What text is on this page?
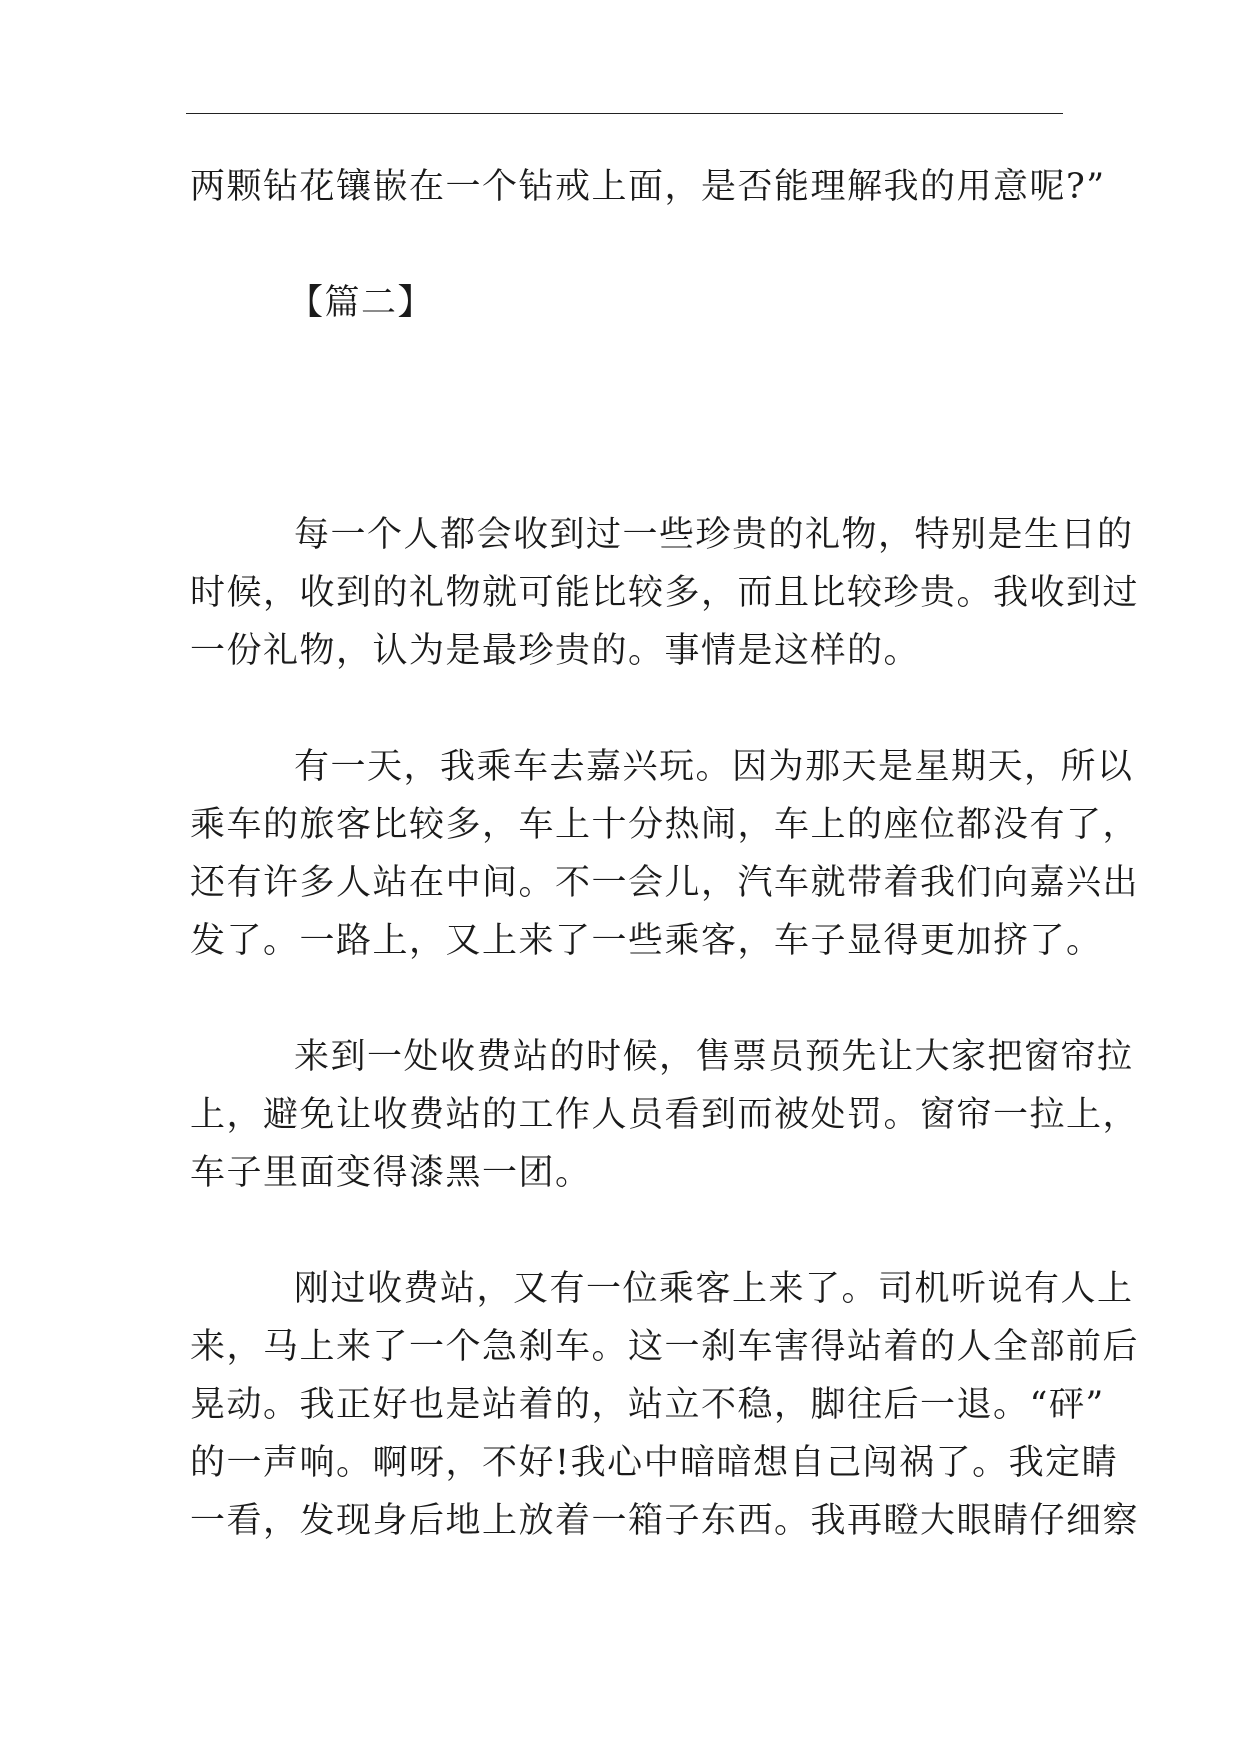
两颗钻花镶嵌在一个钻戒上面，是否能理解我的用意呢?”
【篇二】
每一个人都会收到过一些珍贵的礼物，特别是生日的
时候，收到的礼物就可能比较多，而且比较珍贵。我收到过
一份礼物，认为是最珍贵的。事情是这样的。
有一天，我乘车去嘉兴玩。因为那天是星期天，所以
乘车的旅客比较多，车上十分热闹，车上的座位都没有了，
还有许多人站在中间。不一会儿，汽车就带着我们向嘉兴出
发了。一路上，又上来了一些乘客，车子显得更加挤了。
来到一处收费站的时候，售票员预先让大家把窗帘拉
上，避免让收费站的工作人员看到而被处罚。窗帘一拉上，
车子里面变得漆黑一团。
刚过收费站，又有一位乘客上来了。司机听说有人上
来，马上来了一个急刹车。这一刹车害得站着的人全部前后
晃动。我正好也是站着的，站立不稳，脚往后一退。“砰”
的一声响。啊呀，不好!我心中暗暗想自己闯祸了。我定睛
一看，发现身后地上放着一箱子东西。我再瞪大眼睛仔细察
